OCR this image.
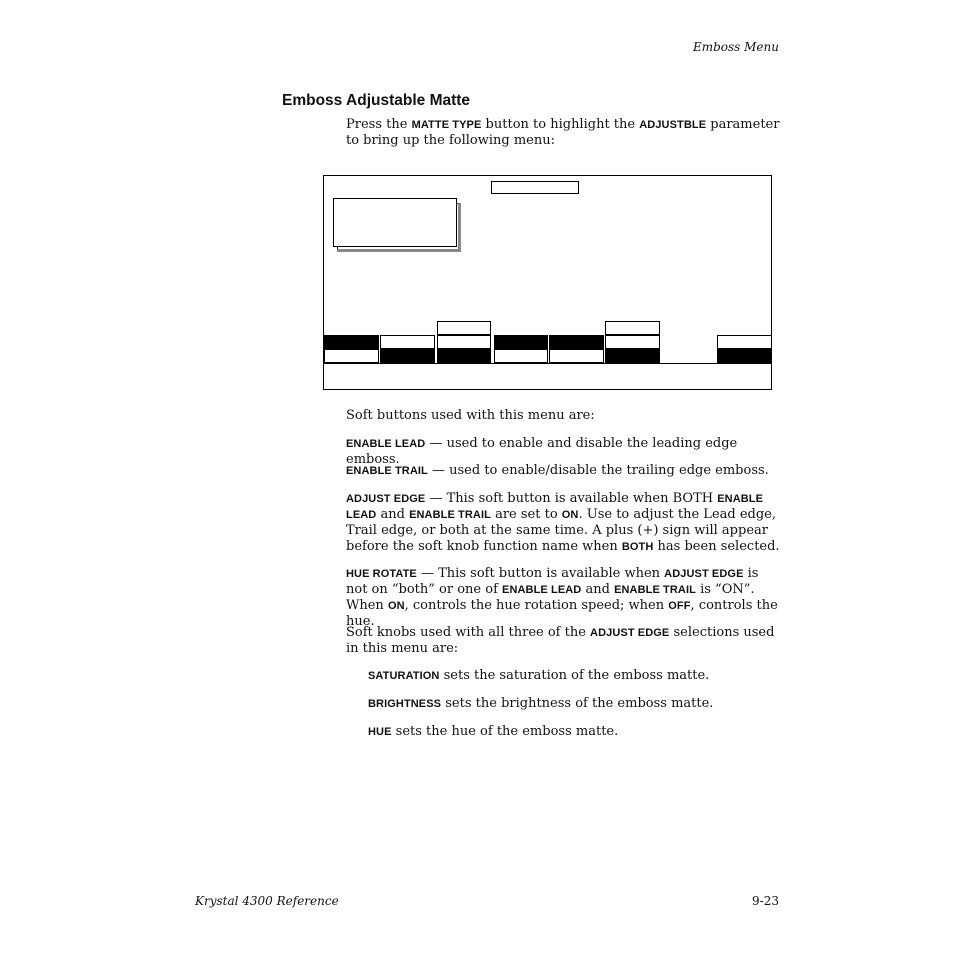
Emboss Menu
Emboss Adjustable Matte
Press the MATTE TYPE button to highlight the ADJUSTBLE parameter to bring up the following menu:
Soft buttons used with this menu are:
ENABLE LEAD — used to enable and disable the leading edge emboss.
ENABLE TRAIL — used to enable/disable the trailing edge emboss.
ADJUST EDGE — This soft button is available when BOTH ENABLE LEAD and ENABLE TRAIL are set to ON. Use to adjust the Lead edge, Trail edge, or both at the same time. A plus (+) sign will appear before the soft knob function name when BOTH has been selected.
HUE ROTATE — This soft button is available when ADJUST EDGE is not on “both” or one of ENABLE LEAD and ENABLE TRAIL is “ON”. When ON, controls the hue rotation speed; when OFF, controls the hue.
Soft knobs used with all three of the ADJUST EDGE selections used in this menu are:
SATURATION sets the saturation of the emboss matte.
BRIGHTNESS sets the brightness of the emboss matte.
HUE sets the hue of the emboss matte.
Krystal 4300 Reference	9-23
